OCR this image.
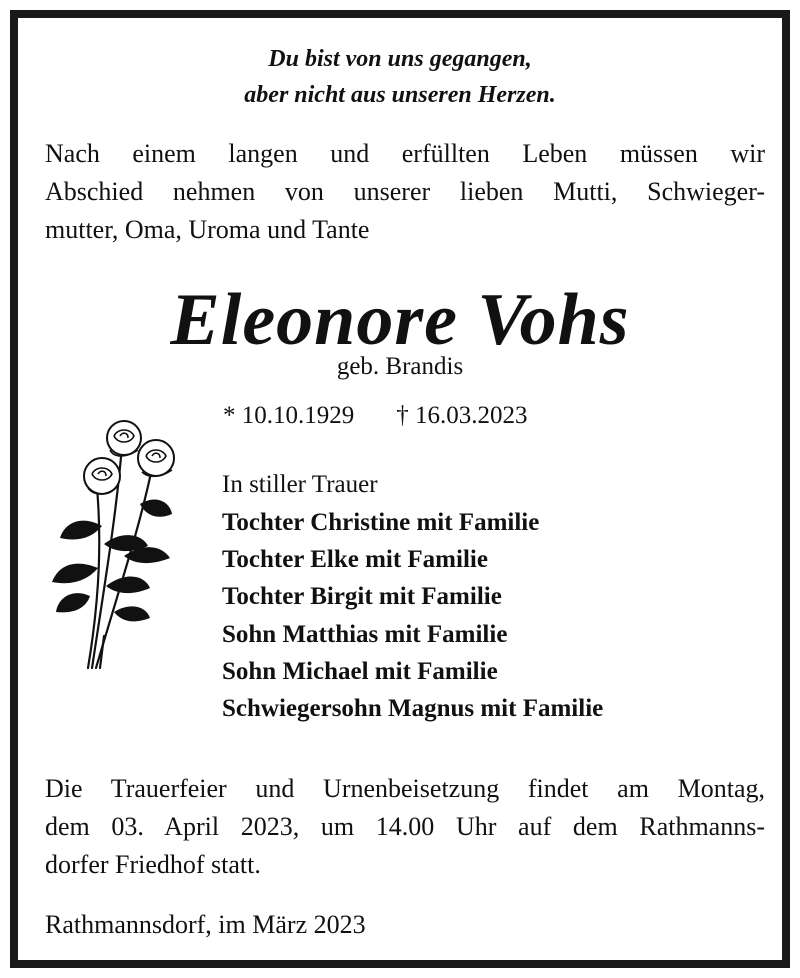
Du bist von uns gegangen,
aber nicht aus unseren Herzen.
Nach einem langen und erfüllten Leben müssen wir
Abschied nehmen von unserer lieben Mutti, Schwieger-
mutter, Oma, Uroma und Tante
Eleonore Vohs
geb. Brandis
* 10.10.1929 † 16.03.2023
In stiller Trauer
Tochter Christine mit Familie
Tochter Elke mit Familie
Tochter Birgit mit Familie
Sohn Matthias mit Familie
Sohn Michael mit Familie
Schwiegersohn Magnus mit Familie
Die Trauerfeier und Urnenbeisetzung findet am Montag,
dem 03. April 2023, um 14.00 Uhr auf dem Rathmanns-
dorfer Friedhof statt.
Rathmannsdorf, im März 2023
